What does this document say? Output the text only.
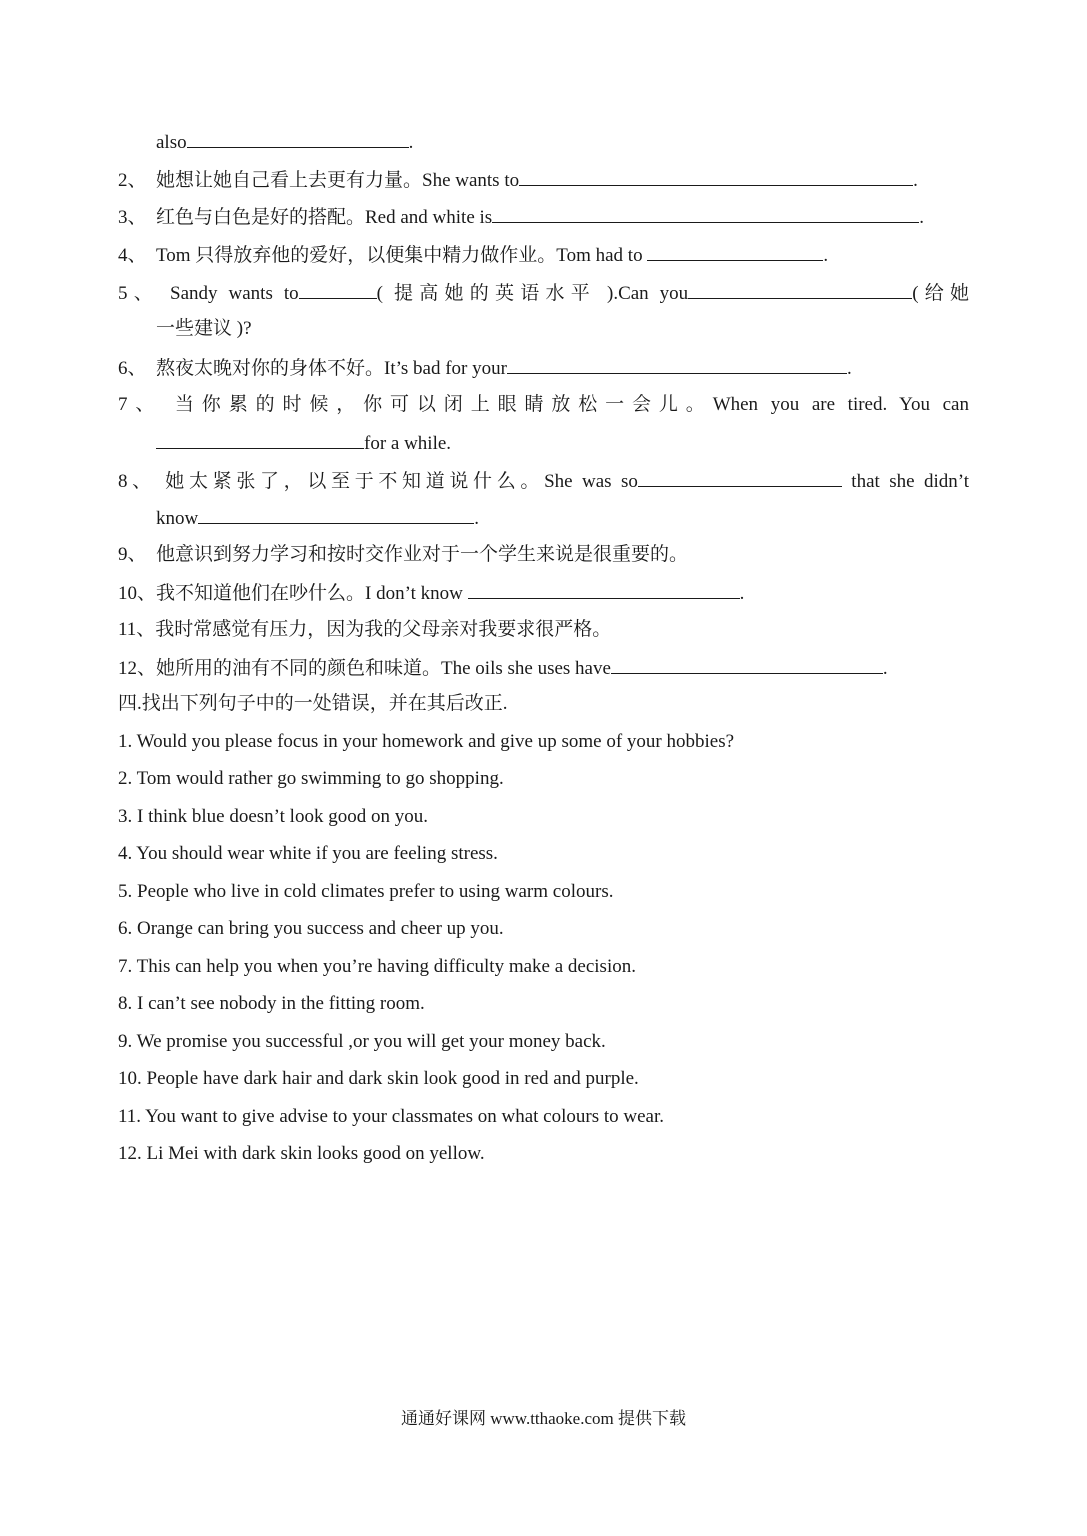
also	.
2、 她想让她自己看上去更有力量。She wants to	.
3、 红色与白色是好的搭配。Red and white is	.
4、 Tom 只得放弃他的爱好，以便集中精力做作业。Tom had to	.
5、 Sandy wants to	( 提高她的英语水平 ).Can you	(给她
一些建议 )?
6、 熬夜太晚对你的身体不好。It’s bad for your	.
7、 当你累的时候，你可以闭上眼睛放松一会儿。When you are tired. You can
for a while.
8、 她太紧张了，以至于不知道说什么。She was so	that she didn’t
know	.
9、 他意识到努力学习和按时交作业对于一个学生来说是很重要的。
10、我不知道他们在吵什么。I don’t know	.
11、我时常感觉有压力，因为我的父母亲对我要求很严格。
12、她所用的油有不同的颜色和味道。The oils she uses have	.
四.找出下列句子中的一处错误，并在其后改正.
1. Would you please focus in your homework and give up some of your hobbies?
2. Tom would rather go swimming to go shopping.
3. I think blue doesn’t look good on you.
4. You should wear white if you are feeling stress.
5. People who live in cold climates prefer to using warm colours.
6. Orange can bring you success and cheer up you.
7. This can help you when you’re having difficulty make a decision.
8. I can’t see nobody in the fitting room.
9. We promise you successful ,or you will get your money back.
10. People have dark hair and dark skin look good in red and purple.
11. You want to give advise to your classmates on what colours to wear.
12. Li Mei with dark skin looks good on yellow.
通通好课网 www.tthaoke.com 提供下载
